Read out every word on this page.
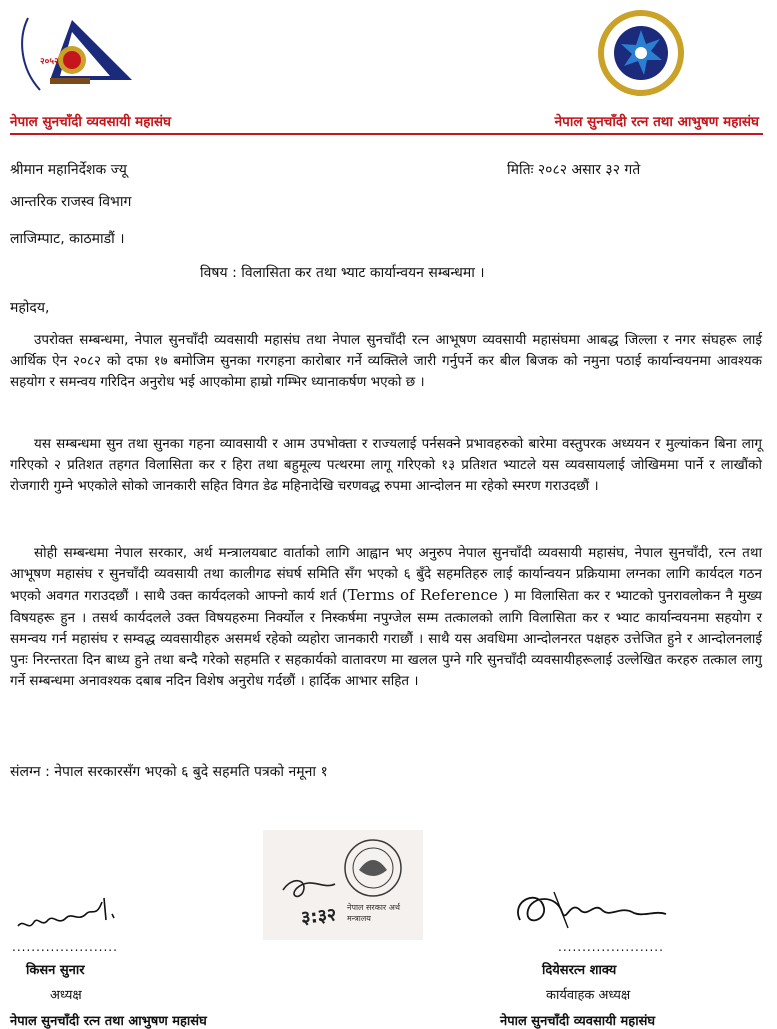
२०५२
नेपाल सुनचाँदी व्यवसायी महासंघ	नेपाल सुनचाँदी रत्न तथा आभुषण महासंघ
श्रीमान महानिर्देशक ज्यू	मितिः २०८२ असार ३२ गते
आन्तरिक राजस्व विभाग
लाजिम्पाट, काठमाडौं ।
विषय : विलासिता कर तथा भ्याट कार्यान्वयन सम्बन्धमा ।
महोदय,
उपरोक्त सम्बन्धमा, नेपाल सुनचाँदी व्यवसायी महासंघ तथा नेपाल सुनचाँदी रत्न आभूषण व्यवसायी महासंघमा आबद्ध जिल्ला र नगर संघहरू लाई आर्थिक ऐन २०८२ को दफा १७ बमोजिम सुनका गरगहना कारोबार गर्ने व्यक्तिले जारी गर्नुपर्ने कर बील बिजक को नमुना पठाई कार्यान्वयनमा आवश्यक सहयोग र समन्वय गरिदिन अनुरोध भई आएकोमा हाम्रो गम्भिर ध्यानाकर्षण भएको छ ।
यस सम्बन्धमा सुन तथा सुनका गहना व्यावसायी र आम उपभोक्ता र राज्यलाई पर्नसक्ने प्रभावहरुको बारेमा वस्तुपरक अध्ययन र मुल्यांकन बिना लागू गरिएको २ प्रतिशत तहगत विलासिता कर र हिरा तथा बहुमूल्य पत्थरमा लागू गरिएको १३ प्रतिशत भ्याटले यस व्यवसायलाई जोखिममा पार्ने र लाखौंको रोजगारी गुम्ने भएकोले सोको जानकारी सहित विगत डेढ महिनादेखि चरणवद्ध रुपमा आन्दोलन मा रहेको स्मरण गराउदछौं ।
सोही सम्बन्धमा नेपाल सरकार, अर्थ मन्त्रालयबाट वार्ताको लागि आह्वान भए अनुरुप नेपाल सुनचाँदी व्यवसायी महासंघ, नेपाल सुनचाँदी, रत्न तथा आभूषण महासंघ र सुनचाँदी व्यवसायी तथा कालीगढ संघर्ष समिति सँग भएको ६ बुँदे सहमतिहरु लाई कार्यान्वयन प्रक्रियामा लग्नका लागि कार्यदल गठन भएको अवगत गराउदछौं । साथै उक्त कार्यदलको आफ्नो कार्य शर्त (Terms of Reference ) मा विलासिता कर र भ्याटको पुनरावलोकन नै मुख्य विषयहरू हुन । तसर्थ कार्यदलले उक्त विषयहरुमा निर्क्योल र निस्कर्षमा नपुग्जेल सम्म तत्कालको लागि विलासिता कर र भ्याट कार्यान्वयनमा सहयोग र समन्वय गर्न महासंघ र सम्वद्ध व्यवसायीहरु असमर्थ रहेको व्यहोरा जानकारी गराछौं । साथै यस अवधिमा आन्दोलनरत पक्षहरु उत्तेजित हुने र आन्दोलनलाई पुनः निरन्तरता दिन बाध्य हुने तथा बन्दै गरेको सहमति र सहकार्यको वातावरण मा खलल पुग्ने गरि सुनचाँदी व्यवसायीहरूलाई उल्लेखित करहरु तत्काल लागु गर्ने सम्बन्धमा अनावश्यक दबाब नदिन विशेष अनुरोध गर्दछौं । हार्दिक आभार सहित ।
संलग्न : नेपाल सरकारसँग भएको ६ बुदे सहमति पत्रको नमूना १
नेपाल सरकार अर्थ मन्त्रालय
३:३२
......................
किसन सुनार
अध्यक्ष
नेपाल सुनचाँदी रत्न तथा आभुषण महासंघ
......................
दियेसरत्न शाक्य
कार्यवाहक अध्यक्ष
नेपाल सुनचाँदी व्यवसायी महासंघ
